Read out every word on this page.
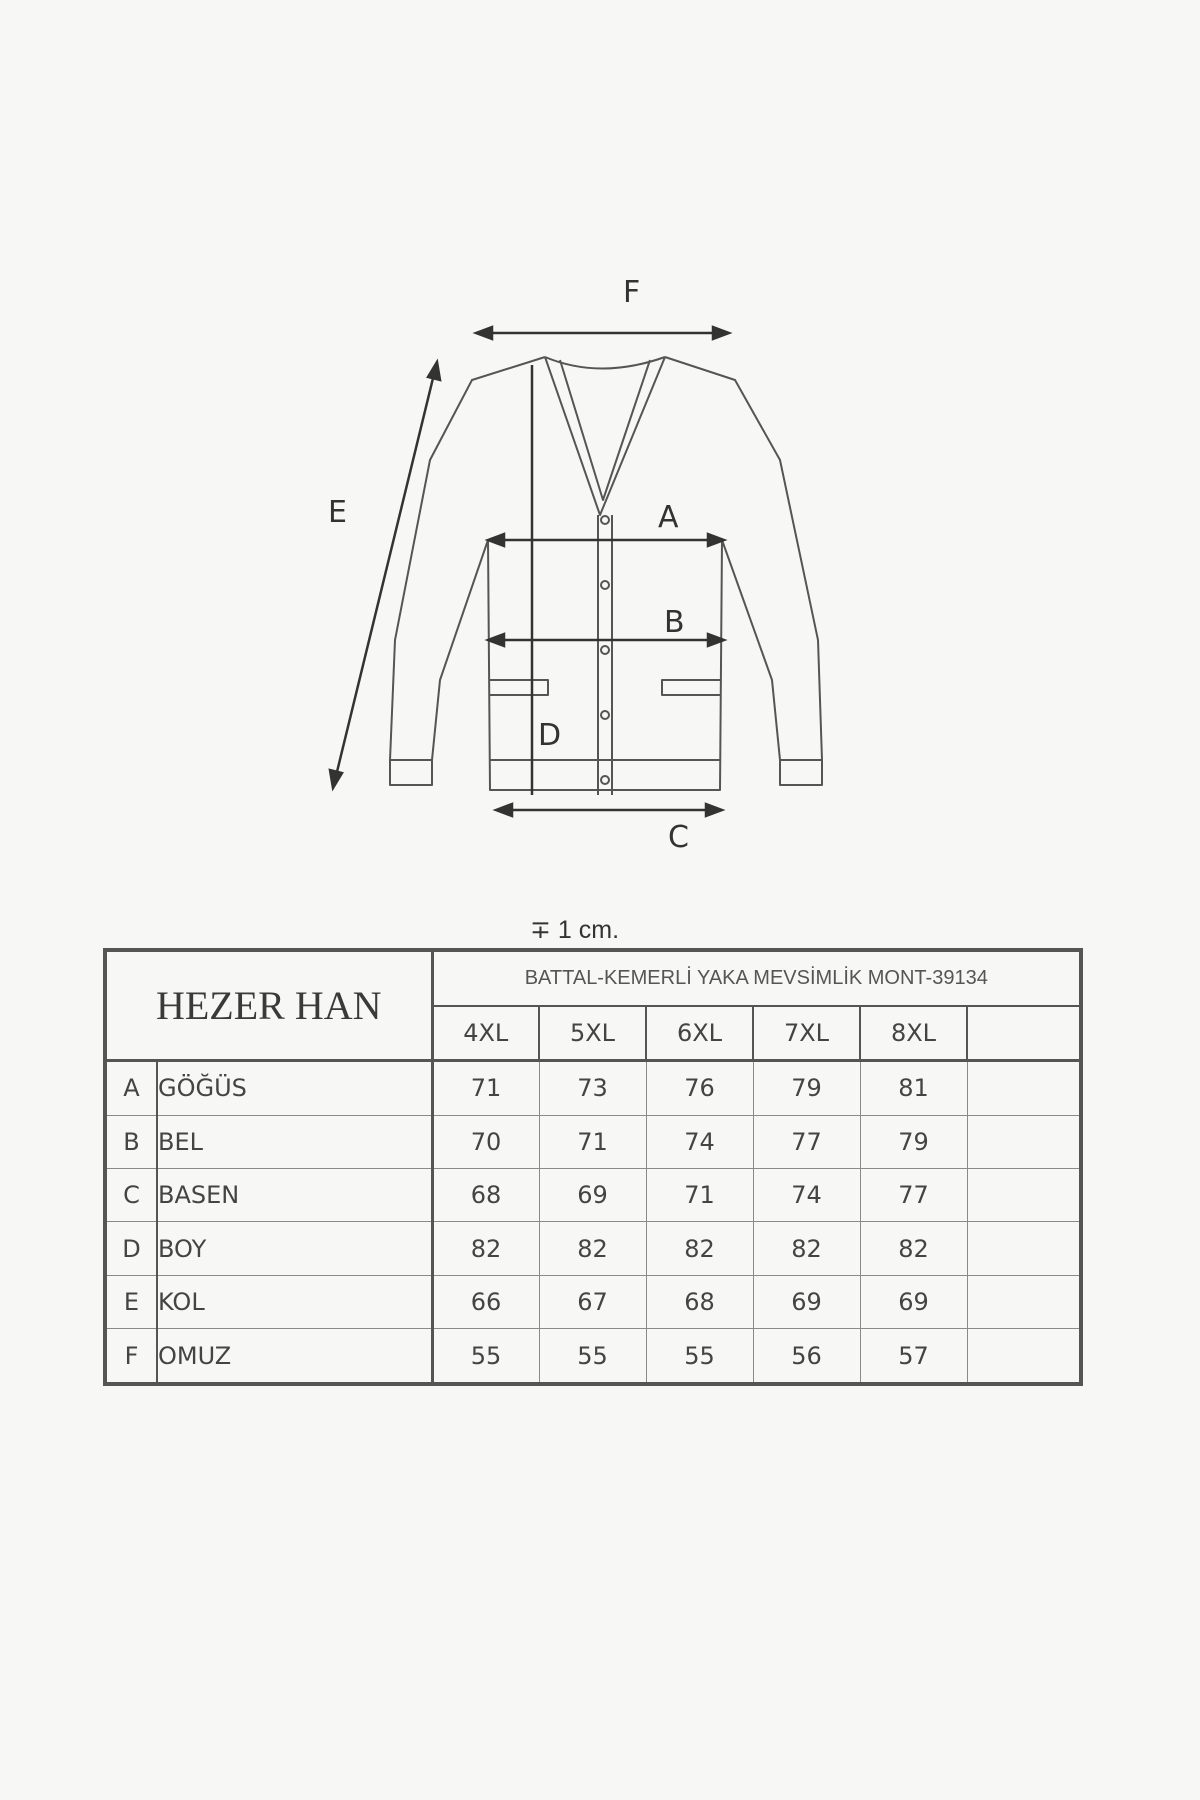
F
E	A
B
D
C
∓ 1 cm.
HEZER HAN		BATTAL-KEMERLİ YAKA MEVSİMLİK MONT-39134					
		4XL	5XL	6XL	7XL	8XL	
A	GÖĞÜS	71	73	76	79	81	
B	BEL	70	71	74	77	79	
C	BASEN	68	69	71	74	77	
D	BOY	82	82	82	82	82	
E	KOL	66	67	68	69	69	
F	OMUZ	55	55	55	56	57	
